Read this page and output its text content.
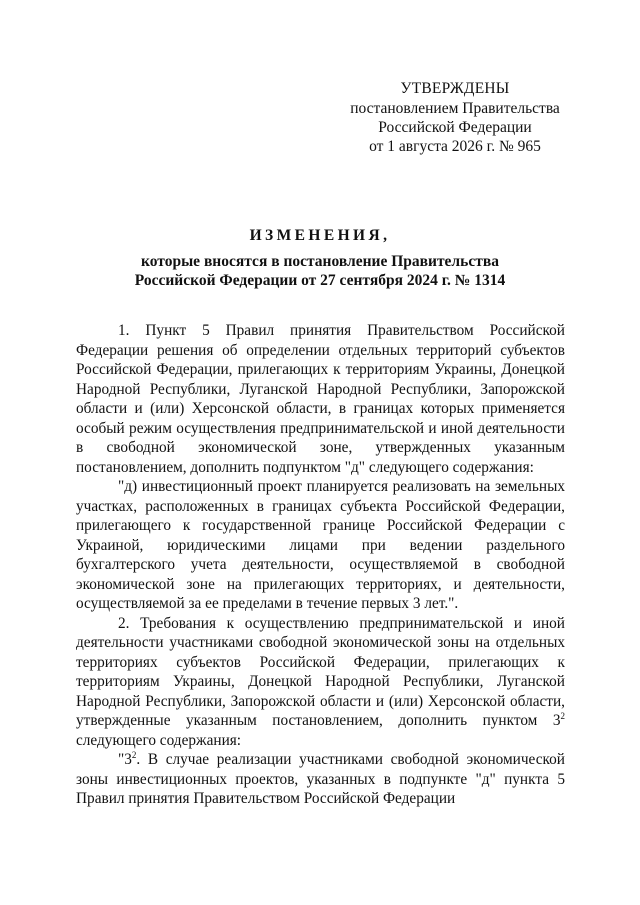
УТВЕРЖДЕНЫ
постановлением Правительства
Российской Федерации
от 1 августа 2026 г. № 965
ИЗМЕНЕНИЯ,
которые вносятся в постановление Правительства
Российской Федерации от 27 сентября 2024 г. № 1314

1. Пункт 5 Правил принятия Правительством Российской Федерации решения об определении отдельных территорий субъектов Российской Федерации, прилегающих к территориям Украины, Донецкой Народной Республики, Луганской Народной Республики, Запорожской области и (или) Херсонской области, в границах которых применяется особый режим осуществления предпринимательской и иной деятельности в свободной экономической зоне, утвержденных указанным постановлением, дополнить подпунктом "д" следующего содержания:

"д) инвестиционный проект планируется реализовать на земельных участках, расположенных в границах субъекта Российской Федерации, прилегающего к государственной границе Российской Федерации с Украиной, юридическими лицами при ведении раздельного бухгалтерского учета деятельности, осуществляемой в свободной экономической зоне на прилегающих территориях, и деятельности, осуществляемой за ее пределами в течение первых 3 лет.".

2. Требования к осуществлению предпринимательской и иной деятельности участниками свободной экономической зоны на отдельных территориях субъектов Российской Федерации, прилегающих к территориям Украины, Донецкой Народной Республики, Луганской Народной Республики, Запорожской области и (или) Херсонской области, утвержденные указанным постановлением, дополнить пунктом $3^2$ следующего содержания:

"$3^2$. В случае реализации участниками свободной экономической зоны инвестиционных проектов, указанных в подпункте "д" пункта 5 Правил принятия Правительством Российской Федерации
